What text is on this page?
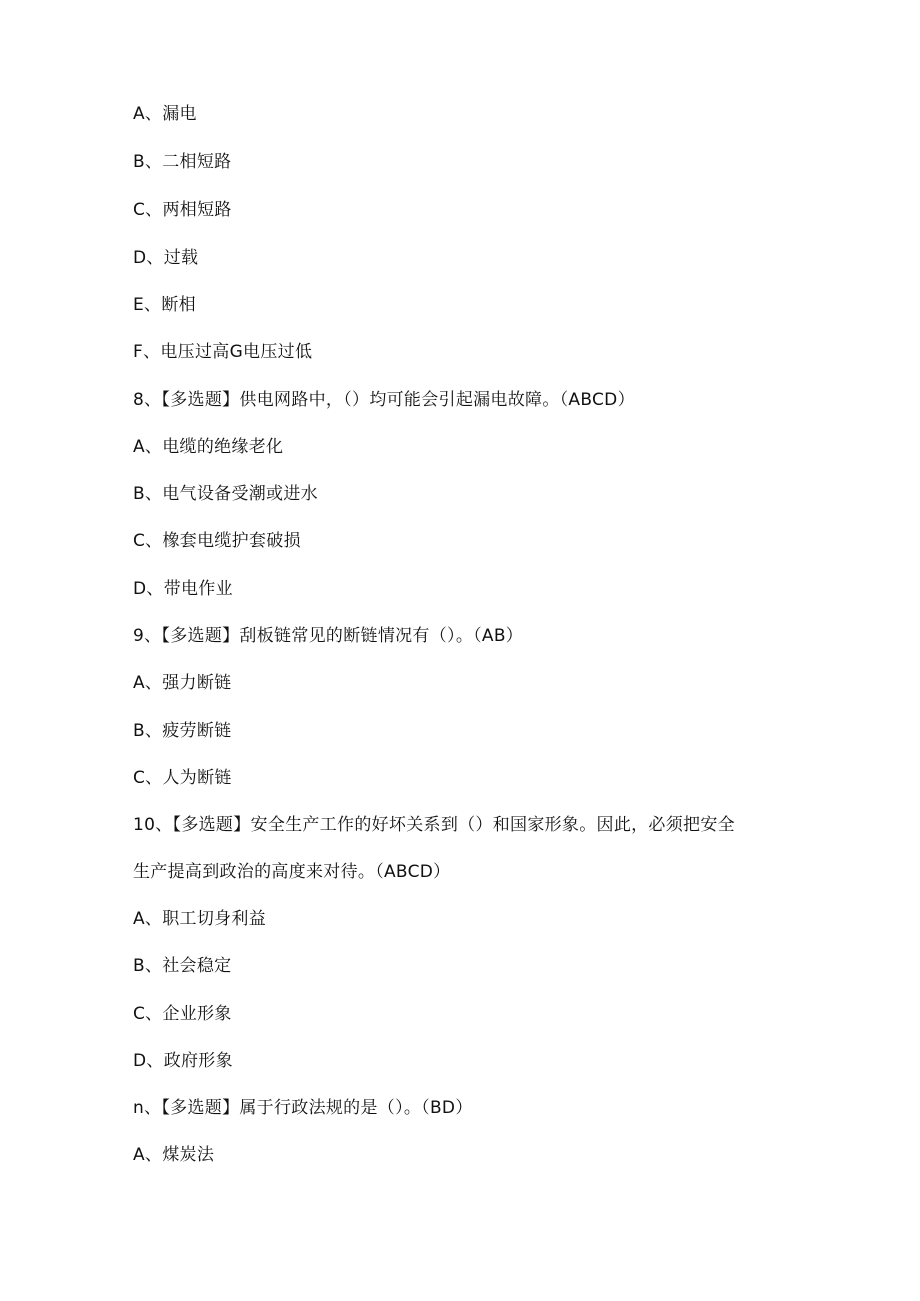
A、漏电
B、二相短路
C、两相短路
D、过载
E、断相
F、电压过高G电压过低
8、【多选题】供电网路中，（）均可能会引起漏电故障。（ABCD）
A、电缆的绝缘老化
B、电气设备受潮或进水
C、橡套电缆护套破损
D、带电作业
9、【多选题】刮板链常见的断链情况有（）。（AB）
A、强力断链
B、疲劳断链
C、人为断链
10、【多选题】安全生产工作的好坏关系到（）和国家形象。因此，必须把安全
生产提高到政治的高度来对待。（ABCD）
A、职工切身利益
B、社会稳定
C、企业形象
D、政府形象
n、【多选题】属于行政法规的是（）。（BD）
A、煤炭法
